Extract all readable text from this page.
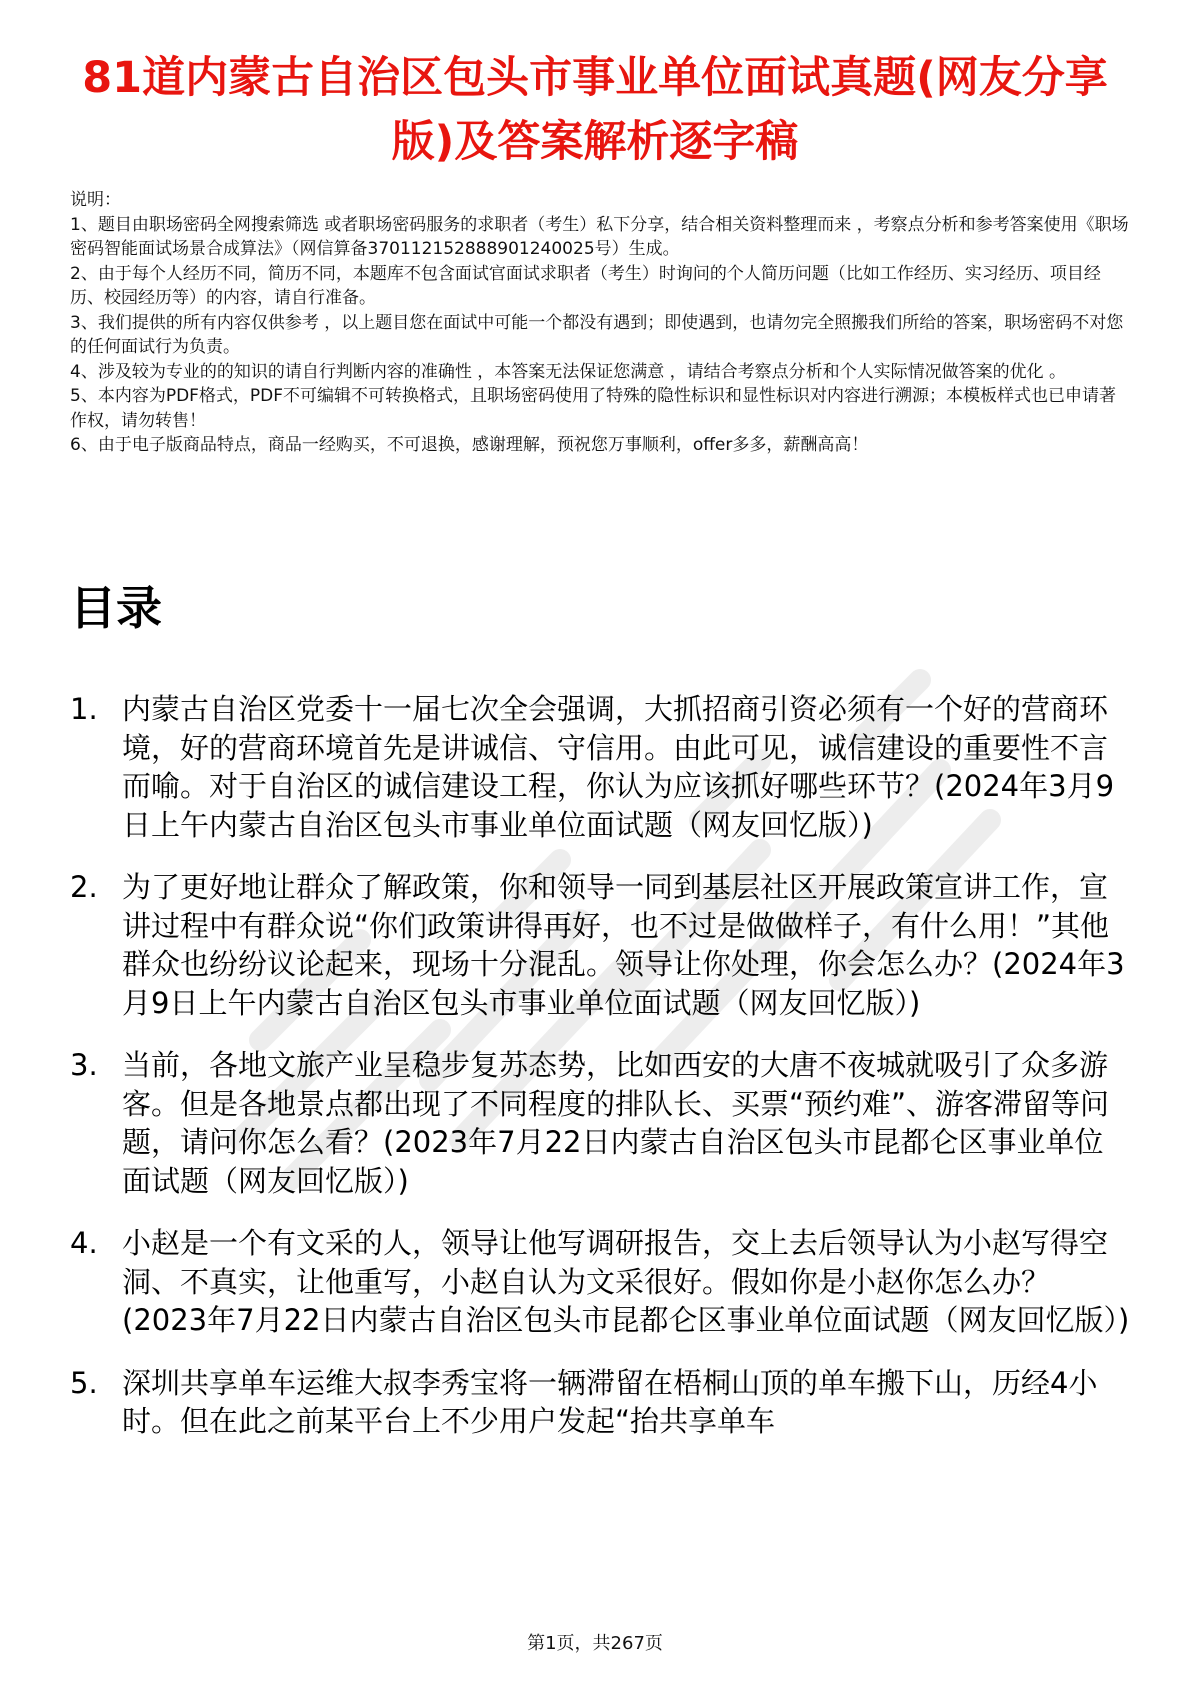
81道内蒙古自治区包头市事业单位面试真题(网友分享版)及答案解析逐字稿

说明：

1、题目由职场密码全网搜索筛选 或者职场密码服务的求职者（考生）私下分享，结合相关资料整理而来 ，考察点分析和参考答案使用《职场密码智能面试场景合成算法》（网信算备370112152888901240025号）生成。

2、由于每个人经历不同，简历不同，本题库不包含面试官面试求职者（考生）时询问的个人简历问题（比如工作经历、实习经历、项目经历、校园经历等）的内容，请自行准备。

3、我们提供的所有内容仅供参考 ，以上题目您在面试中可能一个都没有遇到；即使遇到，也请勿完全照搬我们所给的答案，职场密码不对您的任何面试行为负责。

4、涉及较为专业的的知识的请自行判断内容的准确性 ，本答案无法保证您满意 ，请结合考察点分析和个人实际情况做答案的优化 。

5、本内容为PDF格式，PDF不可编辑不可转换格式，且职场密码使用了特殊的隐性标识和显性标识对内容进行溯源；本模板样式也已申请著作权，请勿转售！

6、由于电子版商品特点，商品一经购买，不可退换，感谢理解，预祝您万事顺利，offer多多，薪酬高高！

目录
1. 内蒙古自治区党委十一届七次全会强调，大抓招商引资必须有一个好的营商环境，好的营商环境首先是讲诚信、守信用。由此可见，诚信建设的重要性不言而喻。对于自治区的诚信建设工程，你认为应该抓好哪些环节？(2024年3月9日上午内蒙古自治区包头市事业单位面试题（网友回忆版）)
2. 为了更好地让群众了解政策，你和领导一同到基层社区开展政策宣讲工作，宣讲过程中有群众说“你们政策讲得再好，也不过是做做样子，有什么用！”其他群众也纷纷议论起来，现场十分混乱。领导让你处理，你会怎么办？(2024年3月9日上午内蒙古自治区包头市事业单位面试题（网友回忆版）)
3. 当前，各地文旅产业呈稳步复苏态势，比如西安的大唐不夜城就吸引了众多游客。但是各地景点都出现了不同程度的排队长、买票“预约难”、游客滞留等问题，请问你怎么看？(2023年7月22日内蒙古自治区包头市昆都仑区事业单位面试题（网友回忆版）)
4. 小赵是一个有文采的人，领导让他写调研报告，交上去后领导认为小赵写得空洞、不真实，让他重写，小赵自认为文采很好。假如你是小赵你怎么办？(2023年7月22日内蒙古自治区包头市昆都仑区事业单位面试题（网友回忆版）)
5. 深圳共享单车运维大叔李秀宝将一辆滞留在梧桐山顶的单车搬下山，历经4小时。但在此之前某平台上不少用户发起“抬共享单车
第1页，共267页
